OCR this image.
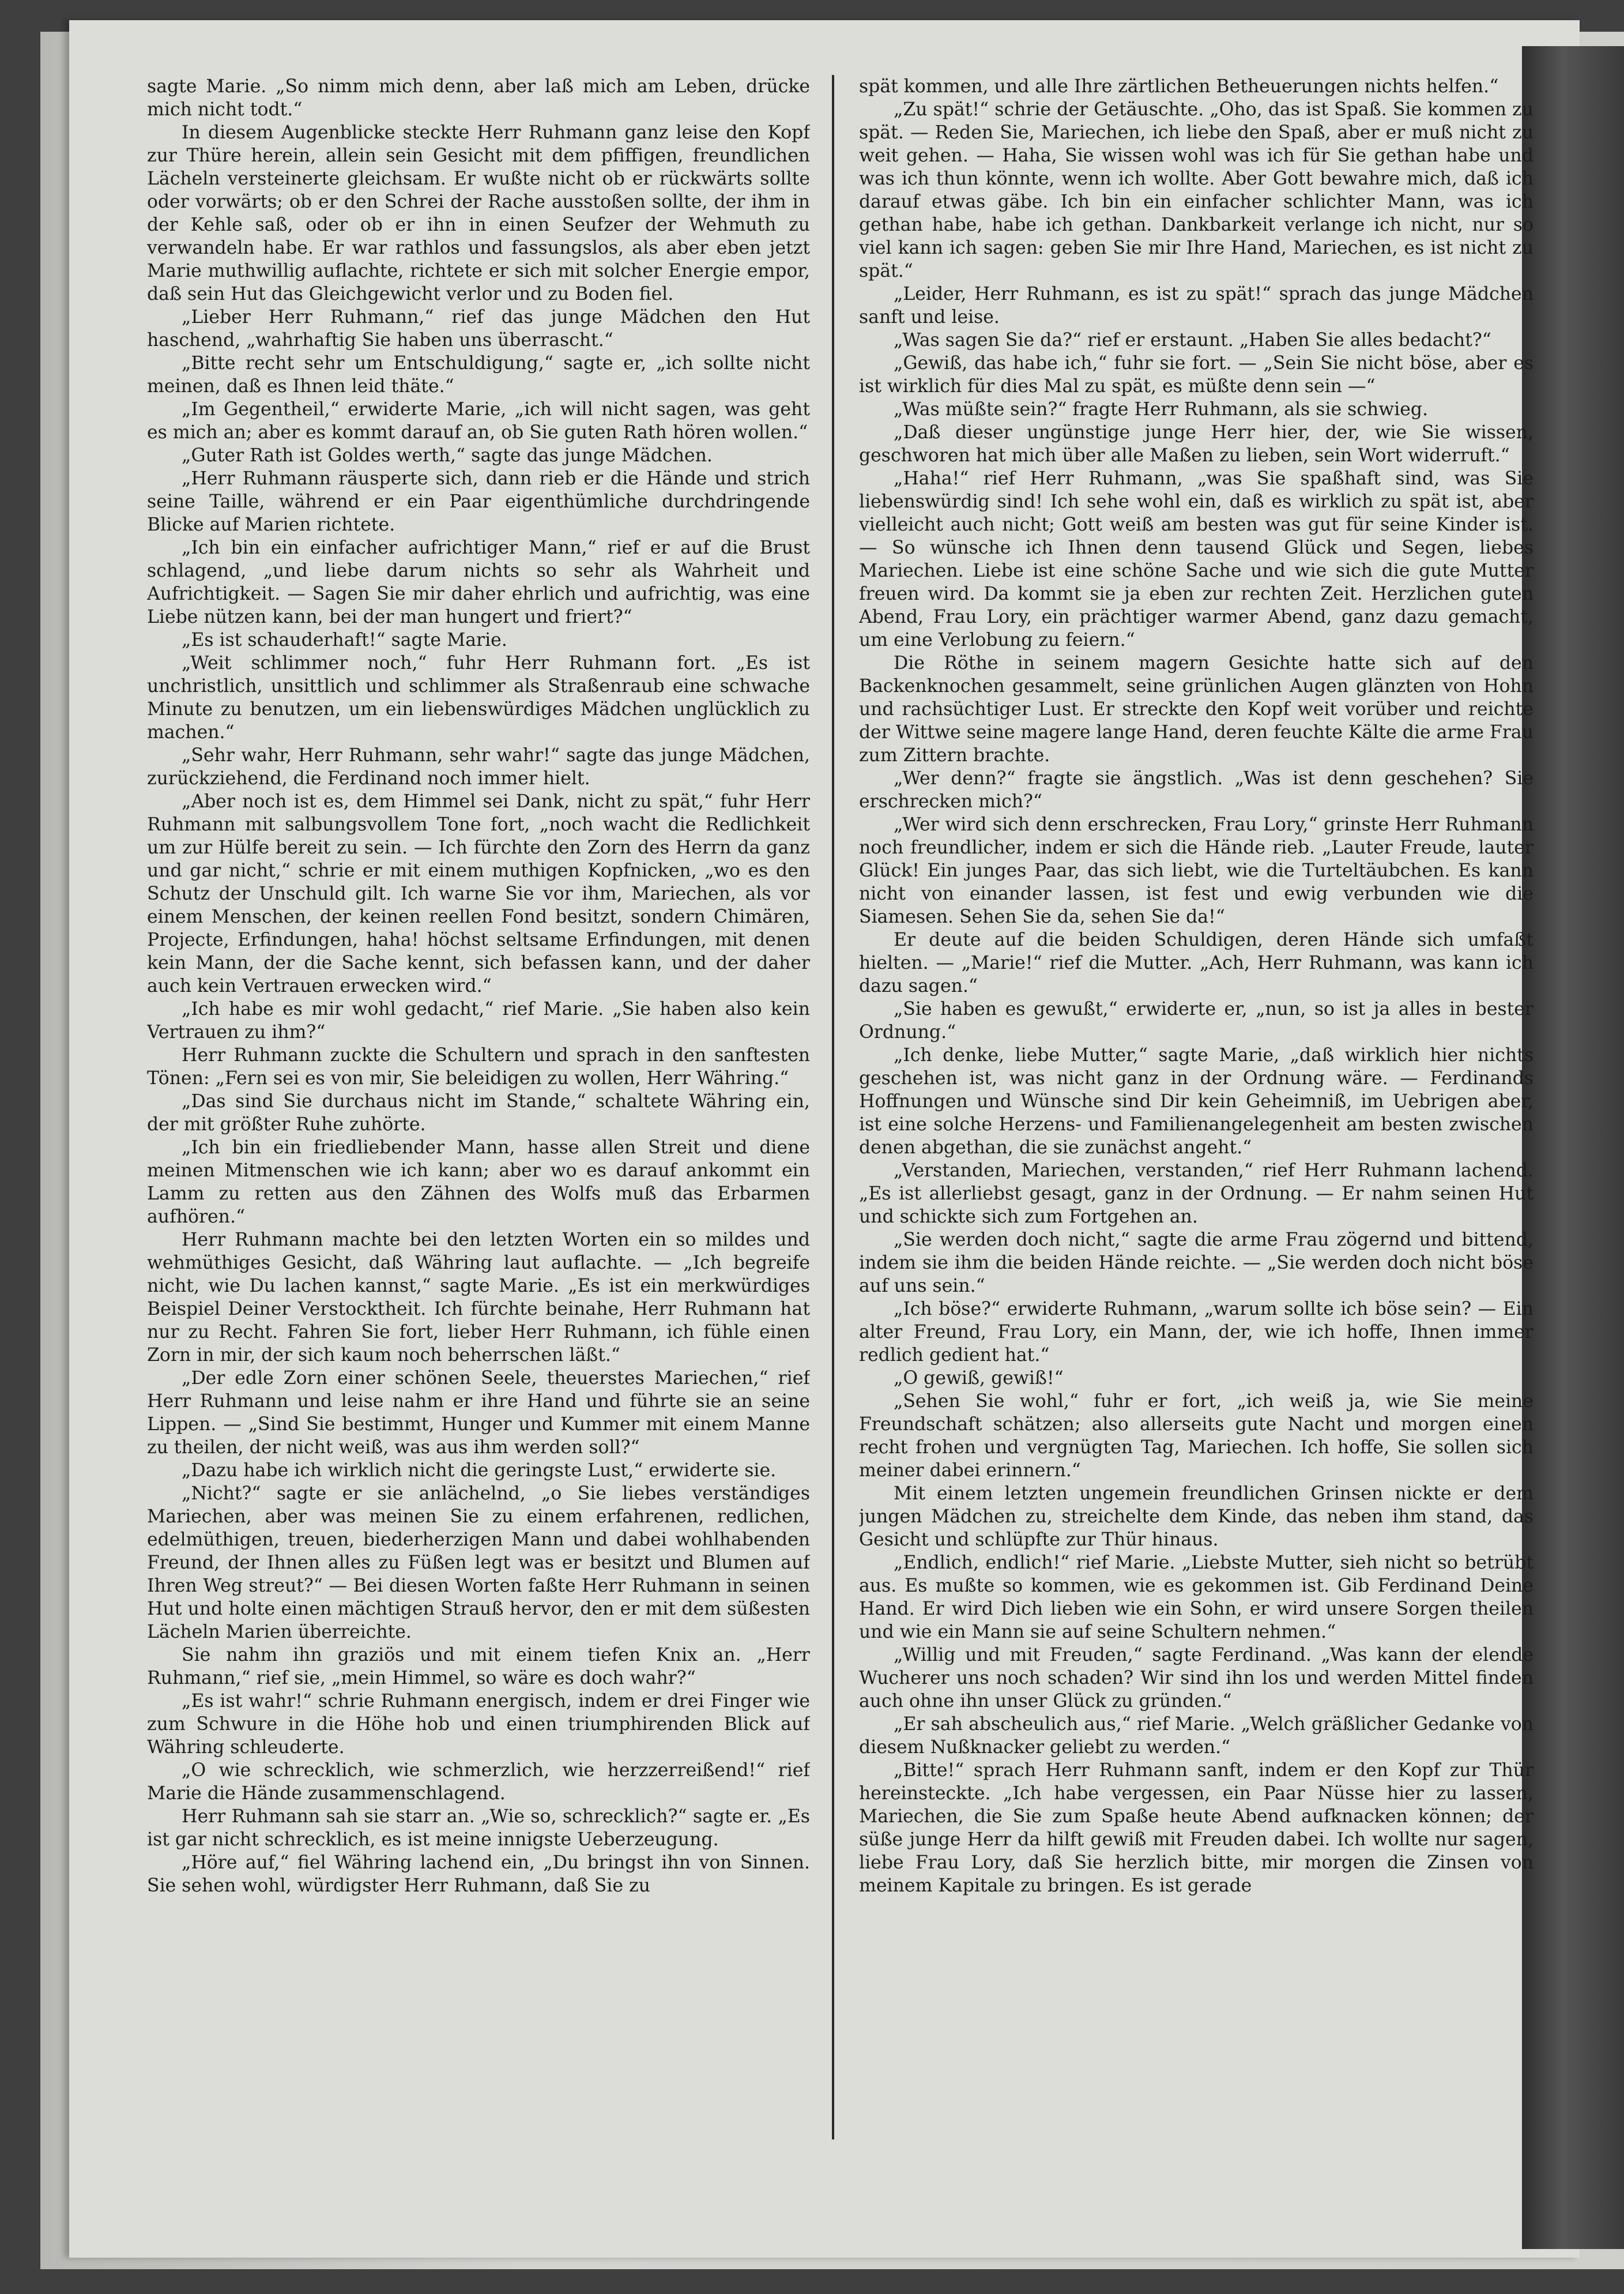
sagte Marie. „So nimm mich denn, aber laß mich am Leben, drücke mich nicht todt.“

In diesem Augenblicke steckte Herr Ruhmann ganz leise den Kopf zur Thüre herein, allein sein Gesicht mit dem pfiffigen, freundlichen Lächeln versteinerte gleichsam. Er wußte nicht ob er rückwärts sollte oder vorwärts; ob er den Schrei der Rache ausstoßen sollte, der ihm in der Kehle saß, oder ob er ihn in einen Seufzer der Wehmuth zu verwandeln habe. Er war rathlos und fassungslos, als aber eben jetzt Marie muthwillig auflachte, richtete er sich mit solcher Energie empor, daß sein Hut das Gleichgewicht verlor und zu Boden fiel.

„Lieber Herr Ruhmann,“ rief das junge Mädchen den Hut haschend, „wahrhaftig Sie haben uns überrascht.“

„Bitte recht sehr um Entschuldigung,“ sagte er, „ich sollte nicht meinen, daß es Ihnen leid thäte.“

„Im Gegentheil,“ erwiderte Marie, „ich will nicht sagen, was geht es mich an; aber es kommt darauf an, ob Sie guten Rath hören wollen.“

„Guter Rath ist Goldes werth,“ sagte das junge Mädchen.

„Herr Ruhmann räusperte sich, dann rieb er die Hände und strich seine Taille, während er ein Paar eigenthümliche durchdringende Blicke auf Marien richtete.

„Ich bin ein einfacher aufrichtiger Mann,“ rief er auf die Brust schlagend, „und liebe darum nichts so sehr als Wahrheit und Aufrichtigkeit. — Sagen Sie mir daher ehrlich und aufrichtig, was eine Liebe nützen kann, bei der man hungert und friert?“

„Es ist schauderhaft!“ sagte Marie.

„Weit schlimmer noch,“ fuhr Herr Ruhmann fort. „Es ist unchristlich, unsittlich und schlimmer als Straßenraub eine schwache Minute zu benutzen, um ein liebenswürdiges Mädchen unglücklich zu machen.“

„Sehr wahr, Herr Ruhmann, sehr wahr!“ sagte das junge Mädchen, zurückziehend, die Ferdinand noch immer hielt.

„Aber noch ist es, dem Himmel sei Dank, nicht zu spät,“ fuhr Herr Ruhmann mit salbungsvollem Tone fort, „noch wacht die Redlichkeit um zur Hülfe bereit zu sein. — Ich fürchte den Zorn des Herrn da ganz und gar nicht,“ schrie er mit einem muthigen Kopfnicken, „wo es den Schutz der Unschuld gilt. Ich warne Sie vor ihm, Mariechen, als vor einem Menschen, der keinen reellen Fond besitzt, sondern Chimären, Projecte, Erfindungen, haha! höchst seltsame Erfindungen, mit denen kein Mann, der die Sache kennt, sich befassen kann, und der daher auch kein Vertrauen erwecken wird.“

„Ich habe es mir wohl gedacht,“ rief Marie. „Sie haben also kein Vertrauen zu ihm?“

Herr Ruhmann zuckte die Schultern und sprach in den sanftesten Tönen: „Fern sei es von mir, Sie beleidigen zu wollen, Herr Währing.“

„Das sind Sie durchaus nicht im Stande,“ schaltete Währing ein, der mit größter Ruhe zuhörte.

„Ich bin ein friedliebender Mann, hasse allen Streit und diene meinen Mitmenschen wie ich kann; aber wo es darauf ankommt ein Lamm zu retten aus den Zähnen des Wolfs muß das Erbarmen aufhören.“

Herr Ruhmann machte bei den letzten Worten ein so mildes und wehmüthiges Gesicht, daß Währing laut auflachte. — „Ich begreife nicht, wie Du lachen kannst,“ sagte Marie. „Es ist ein merkwürdiges Beispiel Deiner Verstocktheit. Ich fürchte beinahe, Herr Ruhmann hat nur zu Recht. Fahren Sie fort, lieber Herr Ruhmann, ich fühle einen Zorn in mir, der sich kaum noch beherrschen läßt.“

„Der edle Zorn einer schönen Seele, theuerstes Mariechen,“ rief Herr Ruhmann und leise nahm er ihre Hand und führte sie an seine Lippen. — „Sind Sie bestimmt, Hunger und Kummer mit einem Manne zu theilen, der nicht weiß, was aus ihm werden soll?“

„Dazu habe ich wirklich nicht die geringste Lust,“ erwiderte sie.

„Nicht?“ sagte er sie anlächelnd, „o Sie liebes verständiges Mariechen, aber was meinen Sie zu einem erfahrenen, redlichen, edelmüthigen, treuen, biederherzigen Mann und dabei wohlhabenden Freund, der Ihnen alles zu Füßen legt was er besitzt und Blumen auf Ihren Weg streut?“ — Bei diesen Worten faßte Herr Ruhmann in seinen Hut und holte einen mächtigen Strauß hervor, den er mit dem süßesten Lächeln Marien überreichte.

Sie nahm ihn graziös und mit einem tiefen Knix an. „Herr Ruhmann,“ rief sie, „mein Himmel, so wäre es doch wahr?“

„Es ist wahr!“ schrie Ruhmann energisch, indem er drei Finger wie zum Schwure in die Höhe hob und einen triumphirenden Blick auf Währing schleuderte.

„O wie schrecklich, wie schmerzlich, wie herzzerreißend!“ rief Marie die Hände zusammenschlagend.

Herr Ruhmann sah sie starr an. „Wie so, schrecklich?“ sagte er. „Es ist gar nicht schrecklich, es ist meine innigste Ueberzeugung.

„Höre auf,“ fiel Währing lachend ein, „Du bringst ihn von Sinnen. Sie sehen wohl, würdigster Herr Ruhmann, daß Sie zu

spät kommen, und alle Ihre zärtlichen Betheuerungen nichts helfen.“

„Zu spät!“ schrie der Getäuschte. „Oho, das ist Spaß. Sie kommen zu spät. — Reden Sie, Mariechen, ich liebe den Spaß, aber er muß nicht zu weit gehen. — Haha, Sie wissen wohl was ich für Sie gethan habe und was ich thun könnte, wenn ich wollte. Aber Gott bewahre mich, daß ich darauf etwas gäbe. Ich bin ein einfacher schlichter Mann, was ich gethan habe, habe ich gethan. Dankbarkeit verlange ich nicht, nur so viel kann ich sagen: geben Sie mir Ihre Hand, Mariechen, es ist nicht zu spät.“

„Leider, Herr Ruhmann, es ist zu spät!“ sprach das junge Mädchen sanft und leise.

„Was sagen Sie da?“ rief er erstaunt. „Haben Sie alles bedacht?“

„Gewiß, das habe ich,“ fuhr sie fort. — „Sein Sie nicht böse, aber es ist wirklich für dies Mal zu spät, es müßte denn sein —“

„Was müßte sein?“ fragte Herr Ruhmann, als sie schwieg.

„Daß dieser ungünstige junge Herr hier, der, wie Sie wissen, geschworen hat mich über alle Maßen zu lieben, sein Wort widerruft.“

„Haha!“ rief Herr Ruhmann, „was Sie spaßhaft sind, was Sie liebenswürdig sind! Ich sehe wohl ein, daß es wirklich zu spät ist, aber vielleicht auch nicht; Gott weiß am besten was gut für seine Kinder ist. — So wünsche ich Ihnen denn tausend Glück und Segen, liebes Mariechen. Liebe ist eine schöne Sache und wie sich die gute Mutter freuen wird. Da kommt sie ja eben zur rechten Zeit. Herzlichen guten Abend, Frau Lory, ein prächtiger warmer Abend, ganz dazu gemacht, um eine Verlobung zu feiern.“

Die Röthe in seinem magern Gesichte hatte sich auf den Backenknochen gesammelt, seine grünlichen Augen glänzten von Hohn und rachsüchtiger Lust. Er streckte den Kopf weit vorüber und reichte der Wittwe seine magere lange Hand, deren feuchte Kälte die arme Frau zum Zittern brachte.

„Wer denn?“ fragte sie ängstlich. „Was ist denn geschehen? Sie erschrecken mich?“

„Wer wird sich denn erschrecken, Frau Lory,“ grinste Herr Ruhmann noch freundlicher, indem er sich die Hände rieb. „Lauter Freude, lauter Glück! Ein junges Paar, das sich liebt, wie die Turteltäubchen. Es kann nicht von einander lassen, ist fest und ewig verbunden wie die Siamesen. Sehen Sie da, sehen Sie da!“

Er deute auf die beiden Schuldigen, deren Hände sich umfaßt hielten. — „Marie!“ rief die Mutter. „Ach, Herr Ruhmann, was kann ich dazu sagen.“

„Sie haben es gewußt,“ erwiderte er, „nun, so ist ja alles in bester Ordnung.“

„Ich denke, liebe Mutter,“ sagte Marie, „daß wirklich hier nichts geschehen ist, was nicht ganz in der Ordnung wäre. — Ferdinands Hoffnungen und Wünsche sind Dir kein Geheimniß, im Uebrigen aber, ist eine solche Herzens- und Familienangelegenheit am besten zwischen denen abgethan, die sie zunächst angeht.“

„Verstanden, Mariechen, verstanden,“ rief Herr Ruhmann lachend. „Es ist allerliebst gesagt, ganz in der Ordnung. — Er nahm seinen Hut und schickte sich zum Fortgehen an.

„Sie werden doch nicht,“ sagte die arme Frau zögernd und bittend, indem sie ihm die beiden Hände reichte. — „Sie werden doch nicht böse auf uns sein.“

„Ich böse?“ erwiderte Ruhmann, „warum sollte ich böse sein? — Ein alter Freund, Frau Lory, ein Mann, der, wie ich hoffe, Ihnen immer redlich gedient hat.“

„O gewiß, gewiß!“

„Sehen Sie wohl,“ fuhr er fort, „ich weiß ja, wie Sie meine Freundschaft schätzen; also allerseits gute Nacht und morgen einen recht frohen und vergnügten Tag, Mariechen. Ich hoffe, Sie sollen sich meiner dabei erinnern.“

Mit einem letzten ungemein freundlichen Grinsen nickte er dem jungen Mädchen zu, streichelte dem Kinde, das neben ihm stand, das Gesicht und schlüpfte zur Thür hinaus.

„Endlich, endlich!“ rief Marie. „Liebste Mutter, sieh nicht so betrübt aus. Es mußte so kommen, wie es gekommen ist. Gib Ferdinand Deine Hand. Er wird Dich lieben wie ein Sohn, er wird unsere Sorgen theilen und wie ein Mann sie auf seine Schultern nehmen.“

„Willig und mit Freuden,“ sagte Ferdinand. „Was kann der elende Wucherer uns noch schaden? Wir sind ihn los und werden Mittel finden auch ohne ihn unser Glück zu gründen.“

„Er sah abscheulich aus,“ rief Marie. „Welch gräßlicher Gedanke von diesem Nußknacker geliebt zu werden.“

„Bitte!“ sprach Herr Ruhmann sanft, indem er den Kopf zur Thür hereinsteckte. „Ich habe vergessen, ein Paar Nüsse hier zu lassen, Mariechen, die Sie zum Spaße heute Abend aufknacken können; der süße junge Herr da hilft gewiß mit Freuden dabei. Ich wollte nur sagen, liebe Frau Lory, daß Sie herzlich bitte, mir morgen die Zinsen von meinem Kapitale zu bringen. Es ist gerade
